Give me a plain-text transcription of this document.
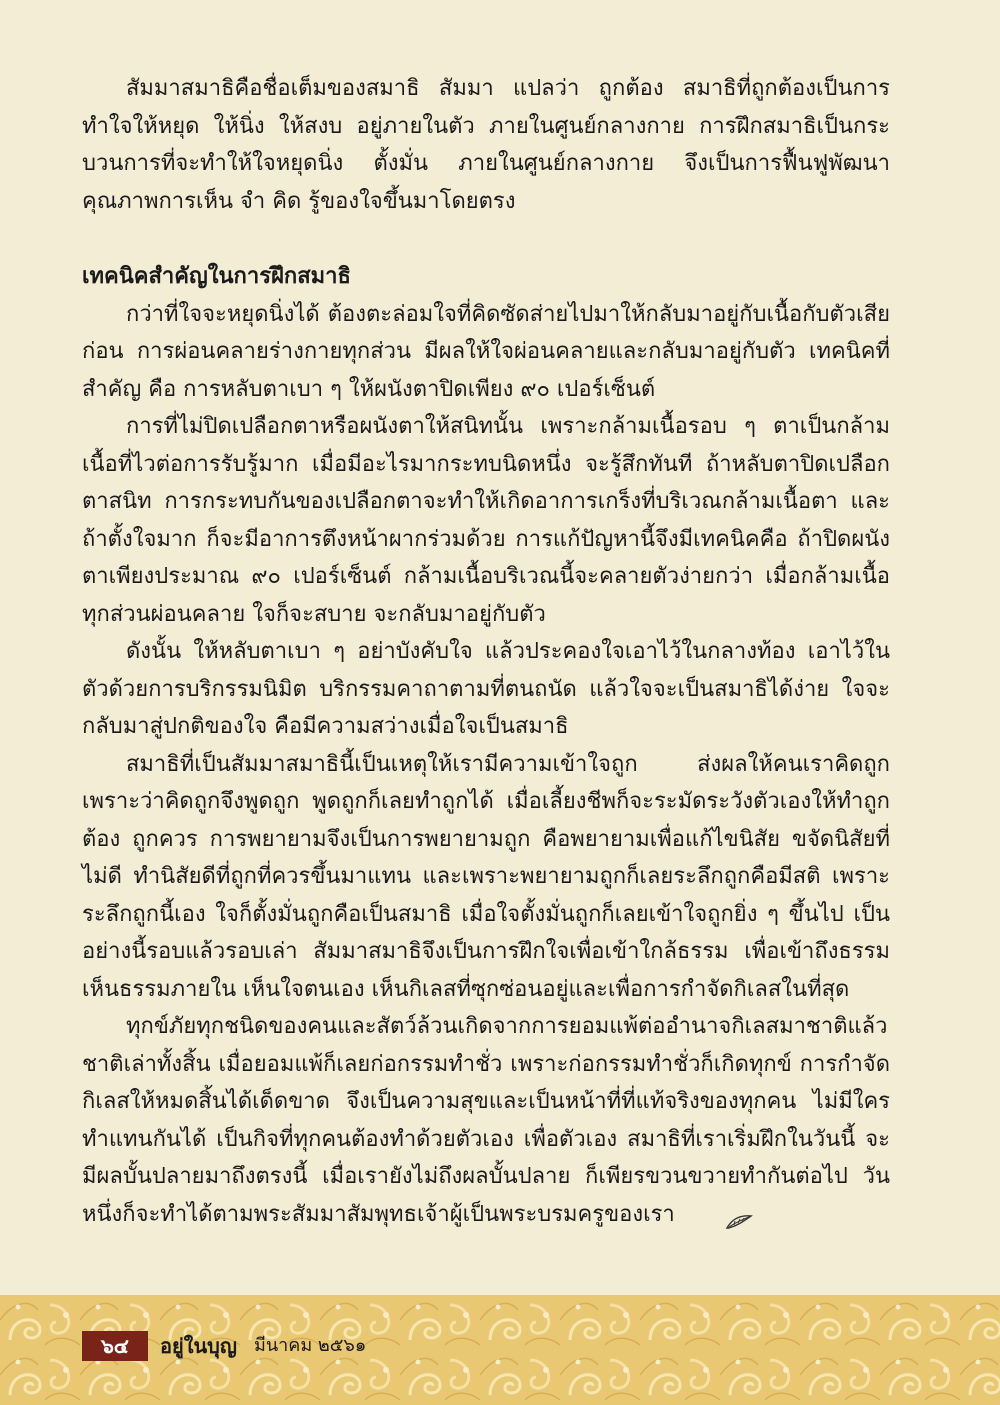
สัมมาสมาธิคือชื่อเต็มของสมาธิ สัมมา แปลว่า ถูกต้อง สมาธิที่ถูกต้องเป็นการทำใจให้หยุด ให้นิ่ง ให้สงบ อยู่ภายในตัว ภายในศูนย์กลางกาย การฝึกสมาธิเป็นกระบวนการที่จะทำให้ใจหยุดนิ่ง ตั้งมั่น ภายในศูนย์กลางกาย จึงเป็นการฟื้นฟูพัฒนาคุณภาพการเห็น จำ คิด รู้ของใจขึ้นมาโดยตรง

เทคนิคสำคัญในการฝึกสมาธิ

กว่าที่ใจจะหยุดนิ่งได้ ต้องตะล่อมใจที่คิดซัดส่ายไปมาให้กลับมาอยู่กับเนื้อกับตัวเสียก่อน การผ่อนคลายร่างกายทุกส่วน มีผลให้ใจผ่อนคลายและกลับมาอยู่กับตัว เทคนิคที่สำคัญ คือ การหลับตาเบา ๆ ให้ผนังตาปิดเพียง ๙๐ เปอร์เซ็นต์

การที่ไม่ปิดเปลือกตาหรือผนังตาให้สนิทนั้น เพราะกล้ามเนื้อรอบ ๆ ตาเป็นกล้ามเนื้อที่ไวต่อการรับรู้มาก เมื่อมีอะไรมากระทบนิดหนึ่ง จะรู้สึกทันที ถ้าหลับตาปิดเปลือกตาสนิท การกระทบกันของเปลือกตาจะทำให้เกิดอาการเกร็งที่บริเวณกล้ามเนื้อตา และถ้าตั้งใจมาก ก็จะมีอาการตึงหน้าผากร่วมด้วย การแก้ปัญหานี้จึงมีเทคนิคคือ ถ้าปิดผนังตาเพียงประมาณ ๙๐ เปอร์เซ็นต์ กล้ามเนื้อบริเวณนี้จะคลายตัวง่ายกว่า เมื่อกล้ามเนื้อทุกส่วนผ่อนคลาย ใจก็จะสบาย จะกลับมาอยู่กับตัว

ดังนั้น ให้หลับตาเบา ๆ อย่าบังคับใจ แล้วประคองใจเอาไว้ในกลางท้อง เอาไว้ในตัวด้วยการบริกรรมนิมิต บริกรรมคาถาตามที่ตนถนัด แล้วใจจะเป็นสมาธิได้ง่าย ใจจะกลับมาสู่ปกติของใจ คือมีความสว่างเมื่อใจเป็นสมาธิ

สมาธิที่เป็นสัมมาสมาธินี้เป็นเหตุให้เรามีความเข้าใจถูก ส่งผลให้คนเราคิดถูก เพราะว่าคิดถูกจึงพูดถูก พูดถูกก็เลยทำถูกได้ เมื่อเลี้ยงชีพก็จะระมัดระวังตัวเองให้ทำถูกต้อง ถูกควร การพยายามจึงเป็นการพยายามถูก คือพยายามเพื่อแก้ไขนิสัย ขจัดนิสัยที่ไม่ดี ทำนิสัยดีที่ถูกที่ควรขึ้นมาแทน และเพราะพยายามถูกก็เลยระลึกถูกคือมีสติ เพราะระลึกถูกนี้เอง ใจก็ตั้งมั่นถูกคือเป็นสมาธิ เมื่อใจตั้งมั่นถูกก็เลยเข้าใจถูกยิ่ง ๆ ขึ้นไป เป็นอย่างนี้รอบแล้วรอบเล่า สัมมาสมาธิจึงเป็นการฝึกใจเพื่อเข้าใกล้ธรรม เพื่อเข้าถึงธรรม เห็นธรรมภายใน เห็นใจตนเอง เห็นกิเลสที่ซุกซ่อนอยู่และเพื่อการกำจัดกิเลสในที่สุด

ทุกข์ภัยทุกชนิดของคนและสัตว์ล้วนเกิดจากการยอมแพ้ต่ออำนาจกิเลสมาชาติแล้วชาติเล่าทั้งสิ้น เมื่อยอมแพ้ก็เลยก่อกรรมทำชั่ว เพราะก่อกรรมทำชั่วก็เกิดทุกข์ การกำจัดกิเลสให้หมดสิ้นได้เด็ดขาด จึงเป็นความสุขและเป็นหน้าที่ที่แท้จริงของทุกคน ไม่มีใครทำแทนกันได้ เป็นกิจที่ทุกคนต้องทำด้วยตัวเอง เพื่อตัวเอง สมาธิที่เราเริ่มฝึกในวันนี้ จะมีผลบั้นปลายมาถึงตรงนี้ เมื่อเรายังไม่ถึงผลบั้นปลาย ก็เพียรขวนขวายทำกันต่อไป วันหนึ่งก็จะทำได้ตามพระสัมมาสัมพุทธเจ้าผู้เป็นพระบรมครูของเรา

๖๔	อยู่ในบุญ มีนาคม ๒๕๖๑
